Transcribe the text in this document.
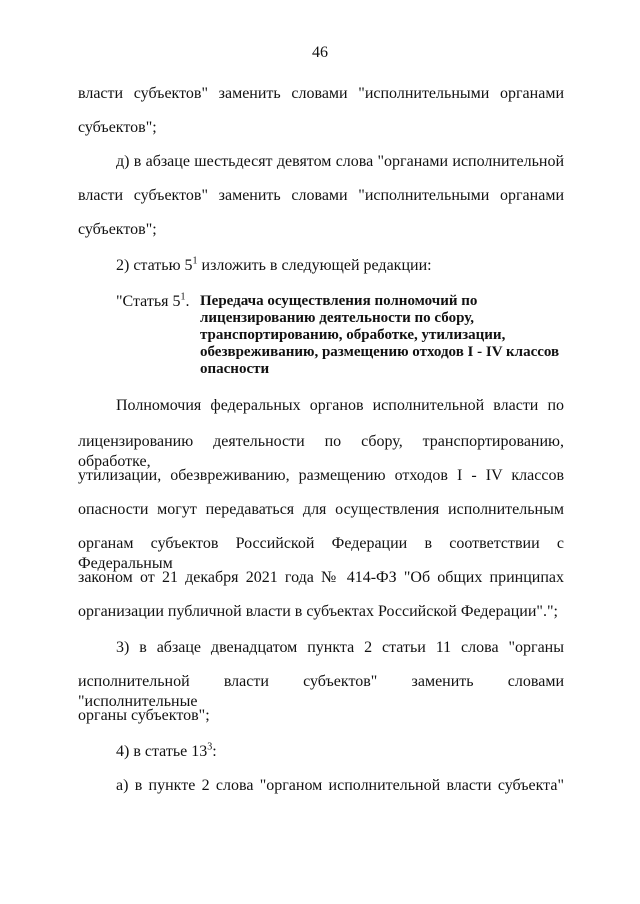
46
власти субъектов" заменить словами "исполнительными органами
субъектов";
д) в абзаце шестьдесят девятом слова "органами исполнительной
власти субъектов" заменить словами "исполнительными органами
субъектов";
2) статью $5^1$ изложить в следующей редакции:
"Статья $5^1$. Передача осуществления полномочий по
лицензированию деятельности по сбору,
транспортированию, обработке, утилизации,
обезвреживанию, размещению отходов I - IV классов
опасности
Полномочия федеральных органов исполнительной власти по
лицензированию деятельности по сбору, транспортированию, обработке,
утилизации, обезвреживанию, размещению отходов I - IV классов
опасности могут передаваться для осуществления исполнительным
органам субъектов Российской Федерации в соответствии с Федеральным
законом от 21 декабря 2021 года № 414-ФЗ "Об общих принципах
организации публичной власти в субъектах Российской Федерации".";
3) в абзаце двенадцатом пункта 2 статьи 11 слова "органы
исполнительной власти субъектов" заменить словами "исполнительные
органы субъектов";
4) в статье $13^3$:
а) в пункте 2 слова "органом исполнительной власти субъекта"
